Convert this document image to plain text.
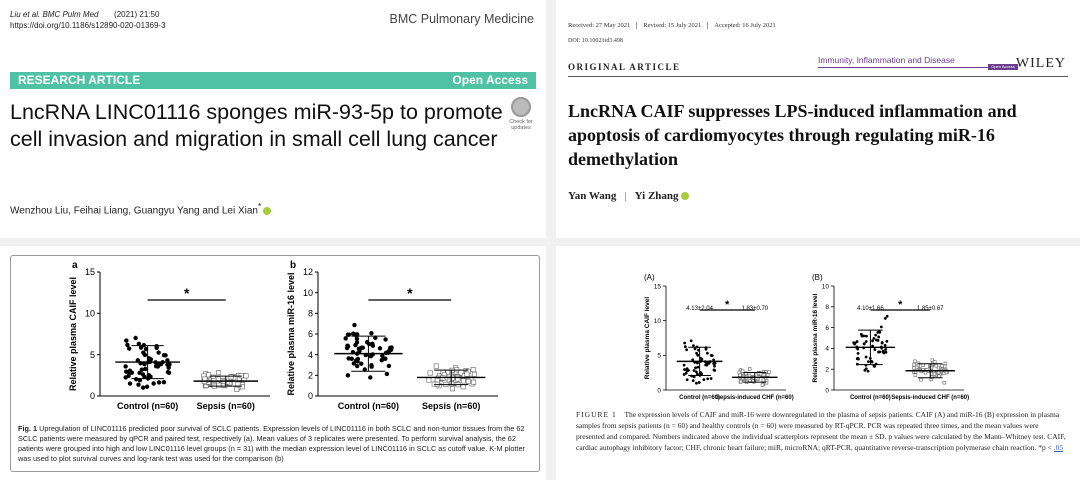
Liu et al. BMC Pulm Med (2021) 21:50
https://doi.org/10.1186/s12890-020-01369-3	BMC Pulmonary Medicine
RESEARCH ARTICLE	Open Access
LncRNA LINC01116 sponges miR-93-5p to promote cell invasion and migration in small cell lung cancer
Check for
updates
Wenzhou Liu, Feihai Liang, Guangyu Yang and Lei Xian*
Received: 27 May 2021 Revised: 15 July 2021 Accepted: 16 July 2021
DOI: 10.1002/iid3.498
ORIGINAL ARTICLE
Immunity, Inflammation and Disease
Open Access WILEY
LncRNA CAIF suppresses LPS-induced inflammation and apoptosis of cardiomyocytes through regulating miR-16 demethylation
Yan Wang | Yi Zhang
0
5
10
15
Relative plasma CAIF level
a
Control (n=60) Sepsis (n=60)
*
0
2
4
6
8
10
12
Relative plasma miR-16 level
b
Control (n=60)	Sepsis (n=60)
*
Fig. 1 Upregulation of LINC01116 predicted poor survival of SCLC patients. Expression levels of LINC01116 in both SCLC and non-tumor tissues from the 62 SCLC patients were measured by qPCR and paired test, respectively (a). Mean values of 3 replicates were presented. To perform survival analysis, the 62 patients were grouped into high and low LINC01116 level groups (n = 31) with the median expression level of LINC01116 in SCLC as cutoff value. K-M plotter was used to plot survival curves and log-rank test was used for the comparison (b)
0
5
10
15
Relative plasma CAIF level
(A)
Control (n=60)
4.13±2.04
Sepsis-induced CHF (n=60)
1.83±0.70
*
0
2
4
6
8
10
Relative plasma miR-16 level
(B)
Control (n=60)
4.10±1.66
Sepsis-induced CHF (n=60)
1.85±0.67
*
FIGURE 1 The expression levels of CAIF and miR-16 were downregulated in the plasma of sepsis patients. CAIF (A) and miR-16 (B) expression in plasma samples from sepsis patients (n = 60) and healthy controls (n = 60) were measured by RT-qPCR. PCR was repeated three times, and the mean values were presented and compared. Numbers indicated above the individual scatterplots represent the mean ± SD. p values were calculated by the Mann–Whitney test. CAIF, cardiac autophagy inhibitory factor; CHF, chronic heart failure; miR, microRNA; qRT-PCR, quantitative reverse-transcription polymerase chain reaction. *p < .05
